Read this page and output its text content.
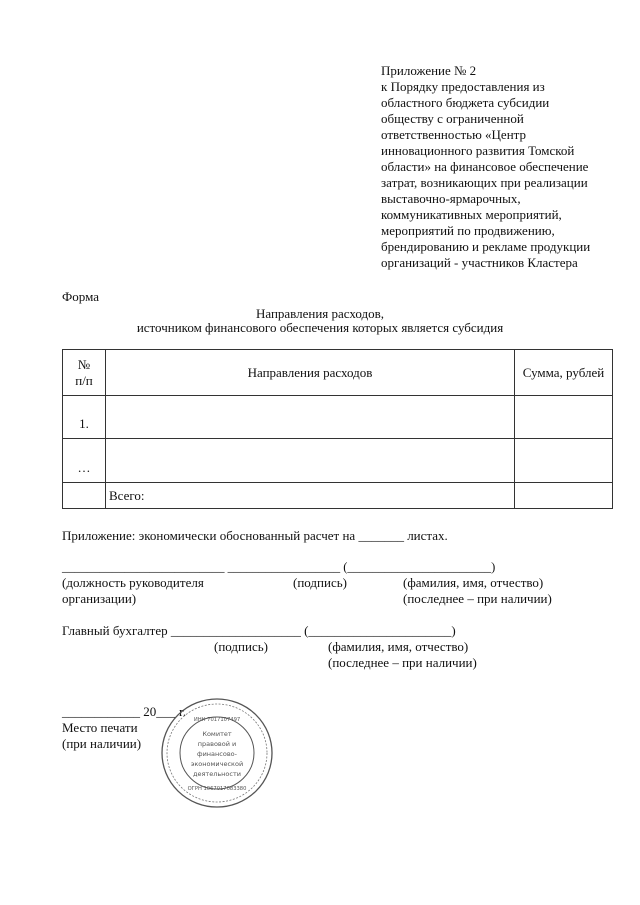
Приложение № 2
к Порядку предоставления из
областного бюджета субсидии
обществу с ограниченной
ответственностью «Центр
инновационного развития Томской
области» на финансовое обеспечение
затрат, возникающих при реализации
выставочно-ярмарочных,
коммуникативных мероприятий,
мероприятий по продвижению,
брендированию и рекламе продукции
организаций - участников Кластера
Форма
Направления расходов,
источником финансового обеспечения которых является субсидия
№
п/п	Направления расходов	Сумма, рублей
1.		
…		
	Всего:	
Приложение: экономически обоснованный расчет на _______ листах.
__________________________ __________________ (_______________________)
(должность руководителя
организации)
(подпись)	(фамилия, имя, отчество)
(последнее – при наличии)
Главный бухгалтер ____________________ (______________________)
(подпись)	(фамилия, имя, отчество)
(последнее – при наличии)
____________ 20___ г.
Место печати
(при наличии)
ИНН 7017107497
Комитет
правовой и
финансово-
экономической
деятельности
ОГРН 1067017083380
